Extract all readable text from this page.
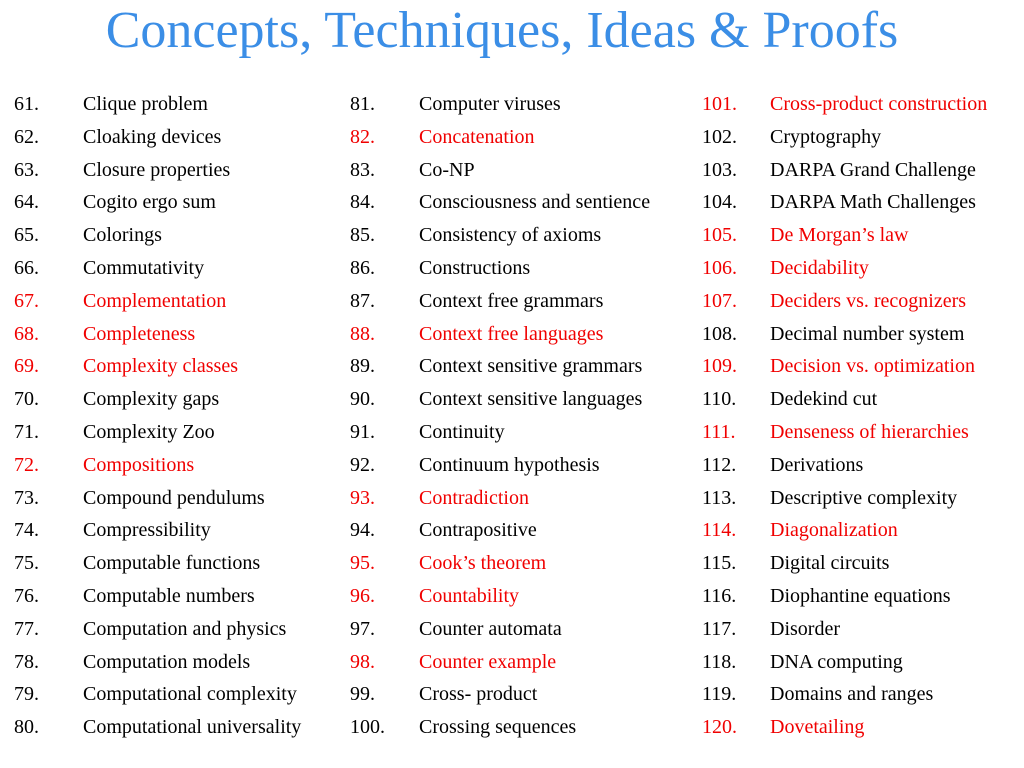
Concepts, Techniques, Ideas & Proofs
61. Clique problem
62. Cloaking devices
63. Closure properties
64. Cogito ergo sum
65. Colorings
66. Commutativity
67. Complementation
68. Completeness
69. Complexity classes
70. Complexity gaps
71. Complexity Zoo
72. Compositions
73. Compound pendulums
74. Compressibility
75. Computable functions
76. Computable numbers
77. Computation and physics
78. Computation models
79. Computational complexity
80. Computational universality
81. Computer viruses
82. Concatenation
83. Co-NP
84. Consciousness and sentience
85. Consistency of axioms
86. Constructions
87. Context free grammars
88. Context free languages
89. Context sensitive grammars
90. Context sensitive languages
91. Continuity
92. Continuum hypothesis
93. Contradiction
94. Contrapositive
95. Cook’s theorem
96. Countability
97. Counter automata
98. Counter example
99. Cross- product
100. Crossing sequences
101. Cross-product construction
102. Cryptography
103. DARPA Grand Challenge
104. DARPA Math Challenges
105. De Morgan’s law
106. Decidability
107. Deciders vs. recognizers
108. Decimal number system
109. Decision vs. optimization
110. Dedekind cut
111. Denseness of hierarchies
112. Derivations
113. Descriptive complexity
114. Diagonalization
115. Digital circuits
116. Diophantine equations
117. Disorder
118. DNA computing
119. Domains and ranges
120. Dovetailing
